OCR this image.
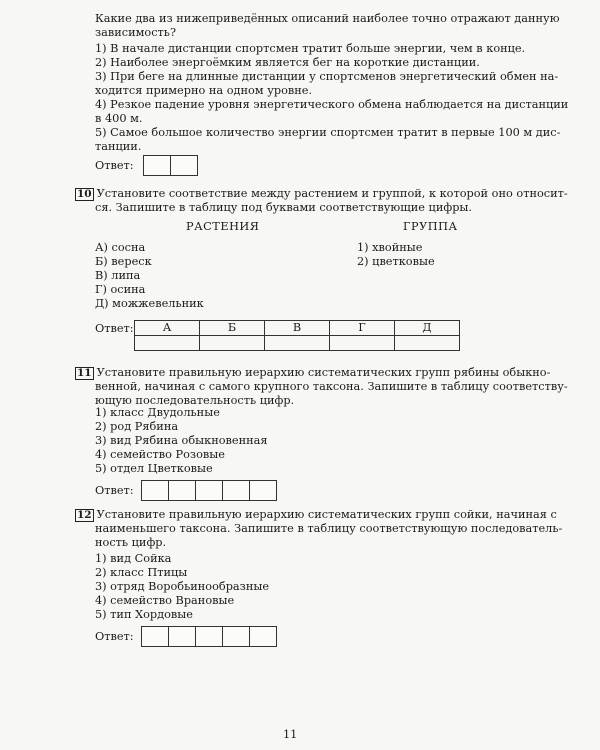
Какие два из нижеприведённых описаний наиболее точно отражают данную
зависимость?
1) В начале дистанции спортсмен тратит больше энергии, чем в конце.
2) Наиболее энергоёмким является бег на короткие дистанции.
3) При беге на длинные дистанции у спортсменов энергетический обмен на-
ходится примерно на одном уровне.
4) Резкое падение уровня энергетического обмена наблюдается на дистанции
в 400 м.
5) Самое большое количество энергии спортсмен тратит в первые 100 м дис-
танции.
Ответ:
10 Установите соответствие между растением и группой, к которой оно относит-
ся. Запишите в таблицу под буквами соответствующие цифры.
РАСТЕНИЯ	ГРУППА
А) сосна
Б) вереск
В) липа
Г) осина
Д) можжевельник
1) хвойные
2) цветковые
Ответ:	А	Б	В	Г	Д

11 Установите правильную иерархию систематических групп рябины обыкно-
венной, начиная с самого крупного таксона. Запишите в таблицу соответству-
ющую последовательность цифр.
1) класс Двудольные
2) род Рябина
3) вид Рябина обыкновенная
4) семейство Розовые
5) отдел Цветковые
Ответ:
12 Установите правильную иерархию систематических групп сойки, начиная с
наименьшего таксона. Запишите в таблицу соответствующую последователь-
ность цифр.
1) вид Сойка
2) класс Птицы
3) отряд Воробьинообразные
4) семейство Врановые
5) тип Хордовые
Ответ:
11
